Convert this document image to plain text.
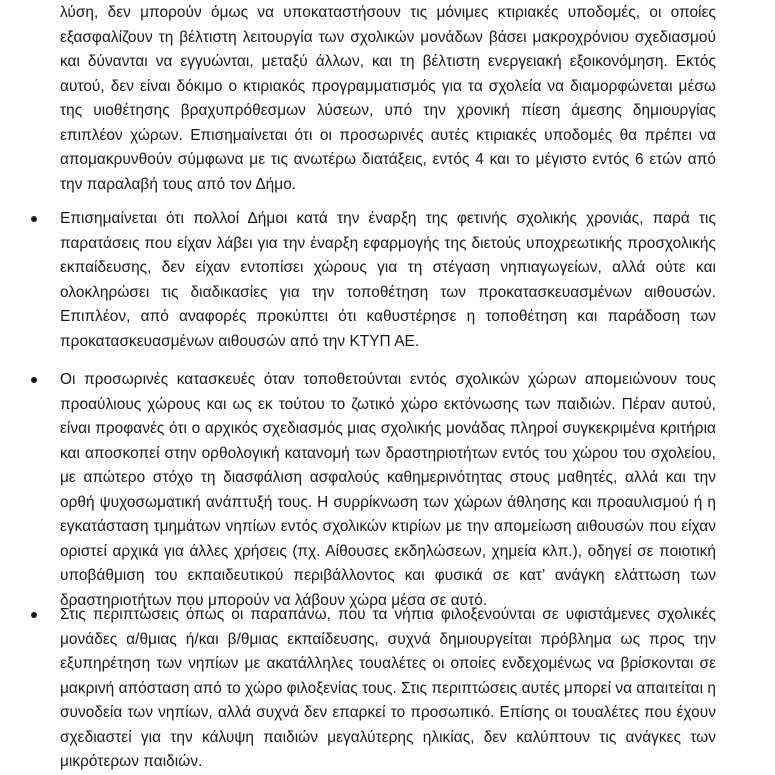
λύση, δεν μπορούν όμως να υποκαταστήσουν τις μόνιμες κτιριακές υποδομές, οι οποίες εξασφαλίζουν τη βέλτιστη λειτουργία των σχολικών μονάδων βάσει μακροχρόνιου σχεδιασμού και δύνανται να εγγυώνται, μεταξύ άλλων, και τη βέλτιστη ενεργειακή εξοικονόμηση. Εκτός αυτού, δεν είναι δόκιμο ο κτιριακός προγραμματισμός για τα σχολεία να διαμορφώνεται μέσω της υιοθέτησης βραχυπρόθεσμων λύσεων, υπό την χρονική πίεση άμεσης δημιουργίας επιπλέον χώρων. Επισημαίνεται ότι οι προσωρινές αυτές κτιριακές υποδομές θα πρέπει να απομακρυνθούν σύμφωνα με τις ανωτέρω διατάξεις, εντός 4 και το μέγιστο εντός 6 ετών από την παραλαβή τους από τον Δήμο.
Επισημαίνεται ότι πολλοί Δήμοι κατά την έναρξη της φετινής σχολικής χρονιάς, παρά τις παρατάσεις που είχαν λάβει για την έναρξη εφαρμογής της διετούς υποχρεωτικής προσχολικής εκπαίδευσης, δεν είχαν εντοπίσει χώρους για τη στέγαση νηπιαγωγείων, αλλά ούτε και ολοκληρώσει τις διαδικασίες για την τοποθέτηση των προκατασκευασμένων αιθουσών. Επιπλέον, από αναφορές προκύπτει ότι καθυστέρησε η τοποθέτηση και παράδοση των προκατασκευασμένων αιθουσών από την ΚΤΥΠ ΑΕ.
Οι προσωρινές κατασκευές όταν τοποθετούνται εντός σχολικών χώρων απομειώνουν τους προαύλιους χώρους και ως εκ τούτου το ζωτικό χώρο εκτόνωσης των παιδιών. Πέραν αυτού, είναι προφανές ότι ο αρχικός σχεδιασμός μιας σχολικής μονάδας πληροί συγκεκριμένα κριτήρια και αποσκοπεί στην ορθολογική κατανομή των δραστηριοτήτων εντός του χώρου του σχολείου, με απώτερο στόχο τη διασφάλιση ασφαλούς καθημερινότητας στους μαθητές, αλλά και την ορθή ψυχοσωματική ανάπτυξή τους. Η συρρίκνωση των χώρων άθλησης και προαυλισμού ή η εγκατάσταση τμημάτων νηπίων εντός σχολικών κτιρίων με την απομείωση αιθουσών που είχαν οριστεί αρχικά για άλλες χρήσεις (πχ. Αίθουσες εκδηλώσεων, χημεία κλπ.), οδηγεί σε ποιοτική υποβάθμιση του εκπαιδευτικού περιβάλλοντος και φυσικά σε κατ’ ανάγκη ελάττωση των δραστηριοτήτων που μπορούν να λάβουν χώρα μέσα σε αυτό.
Στις περιπτώσεις όπως οι παραπάνω, που τα νήπια φιλοξενούνται σε υφιστάμενες σχολικές μονάδες α/θμιας ή/και β/θμιας εκπαίδευσης, συχνά δημιουργείται πρόβλημα ως προς την εξυπηρέτηση των νηπίων με ακατάλληλες τουαλέτες οι οποίες ενδεχομένως να βρίσκονται σε μακρινή απόσταση από το χώρο φιλοξενίας τους. Στις περιπτώσεις αυτές μπορεί να απαιτείται η συνοδεία των νηπίων, αλλά συχνά δεν επαρκεί το προσωπικό. Επίσης οι τουαλέτες που έχουν σχεδιαστεί για την κάλυψη παιδιών μεγαλύτερης ηλικίας, δεν καλύπτουν τις ανάγκες των μικρότερων παιδιών.
